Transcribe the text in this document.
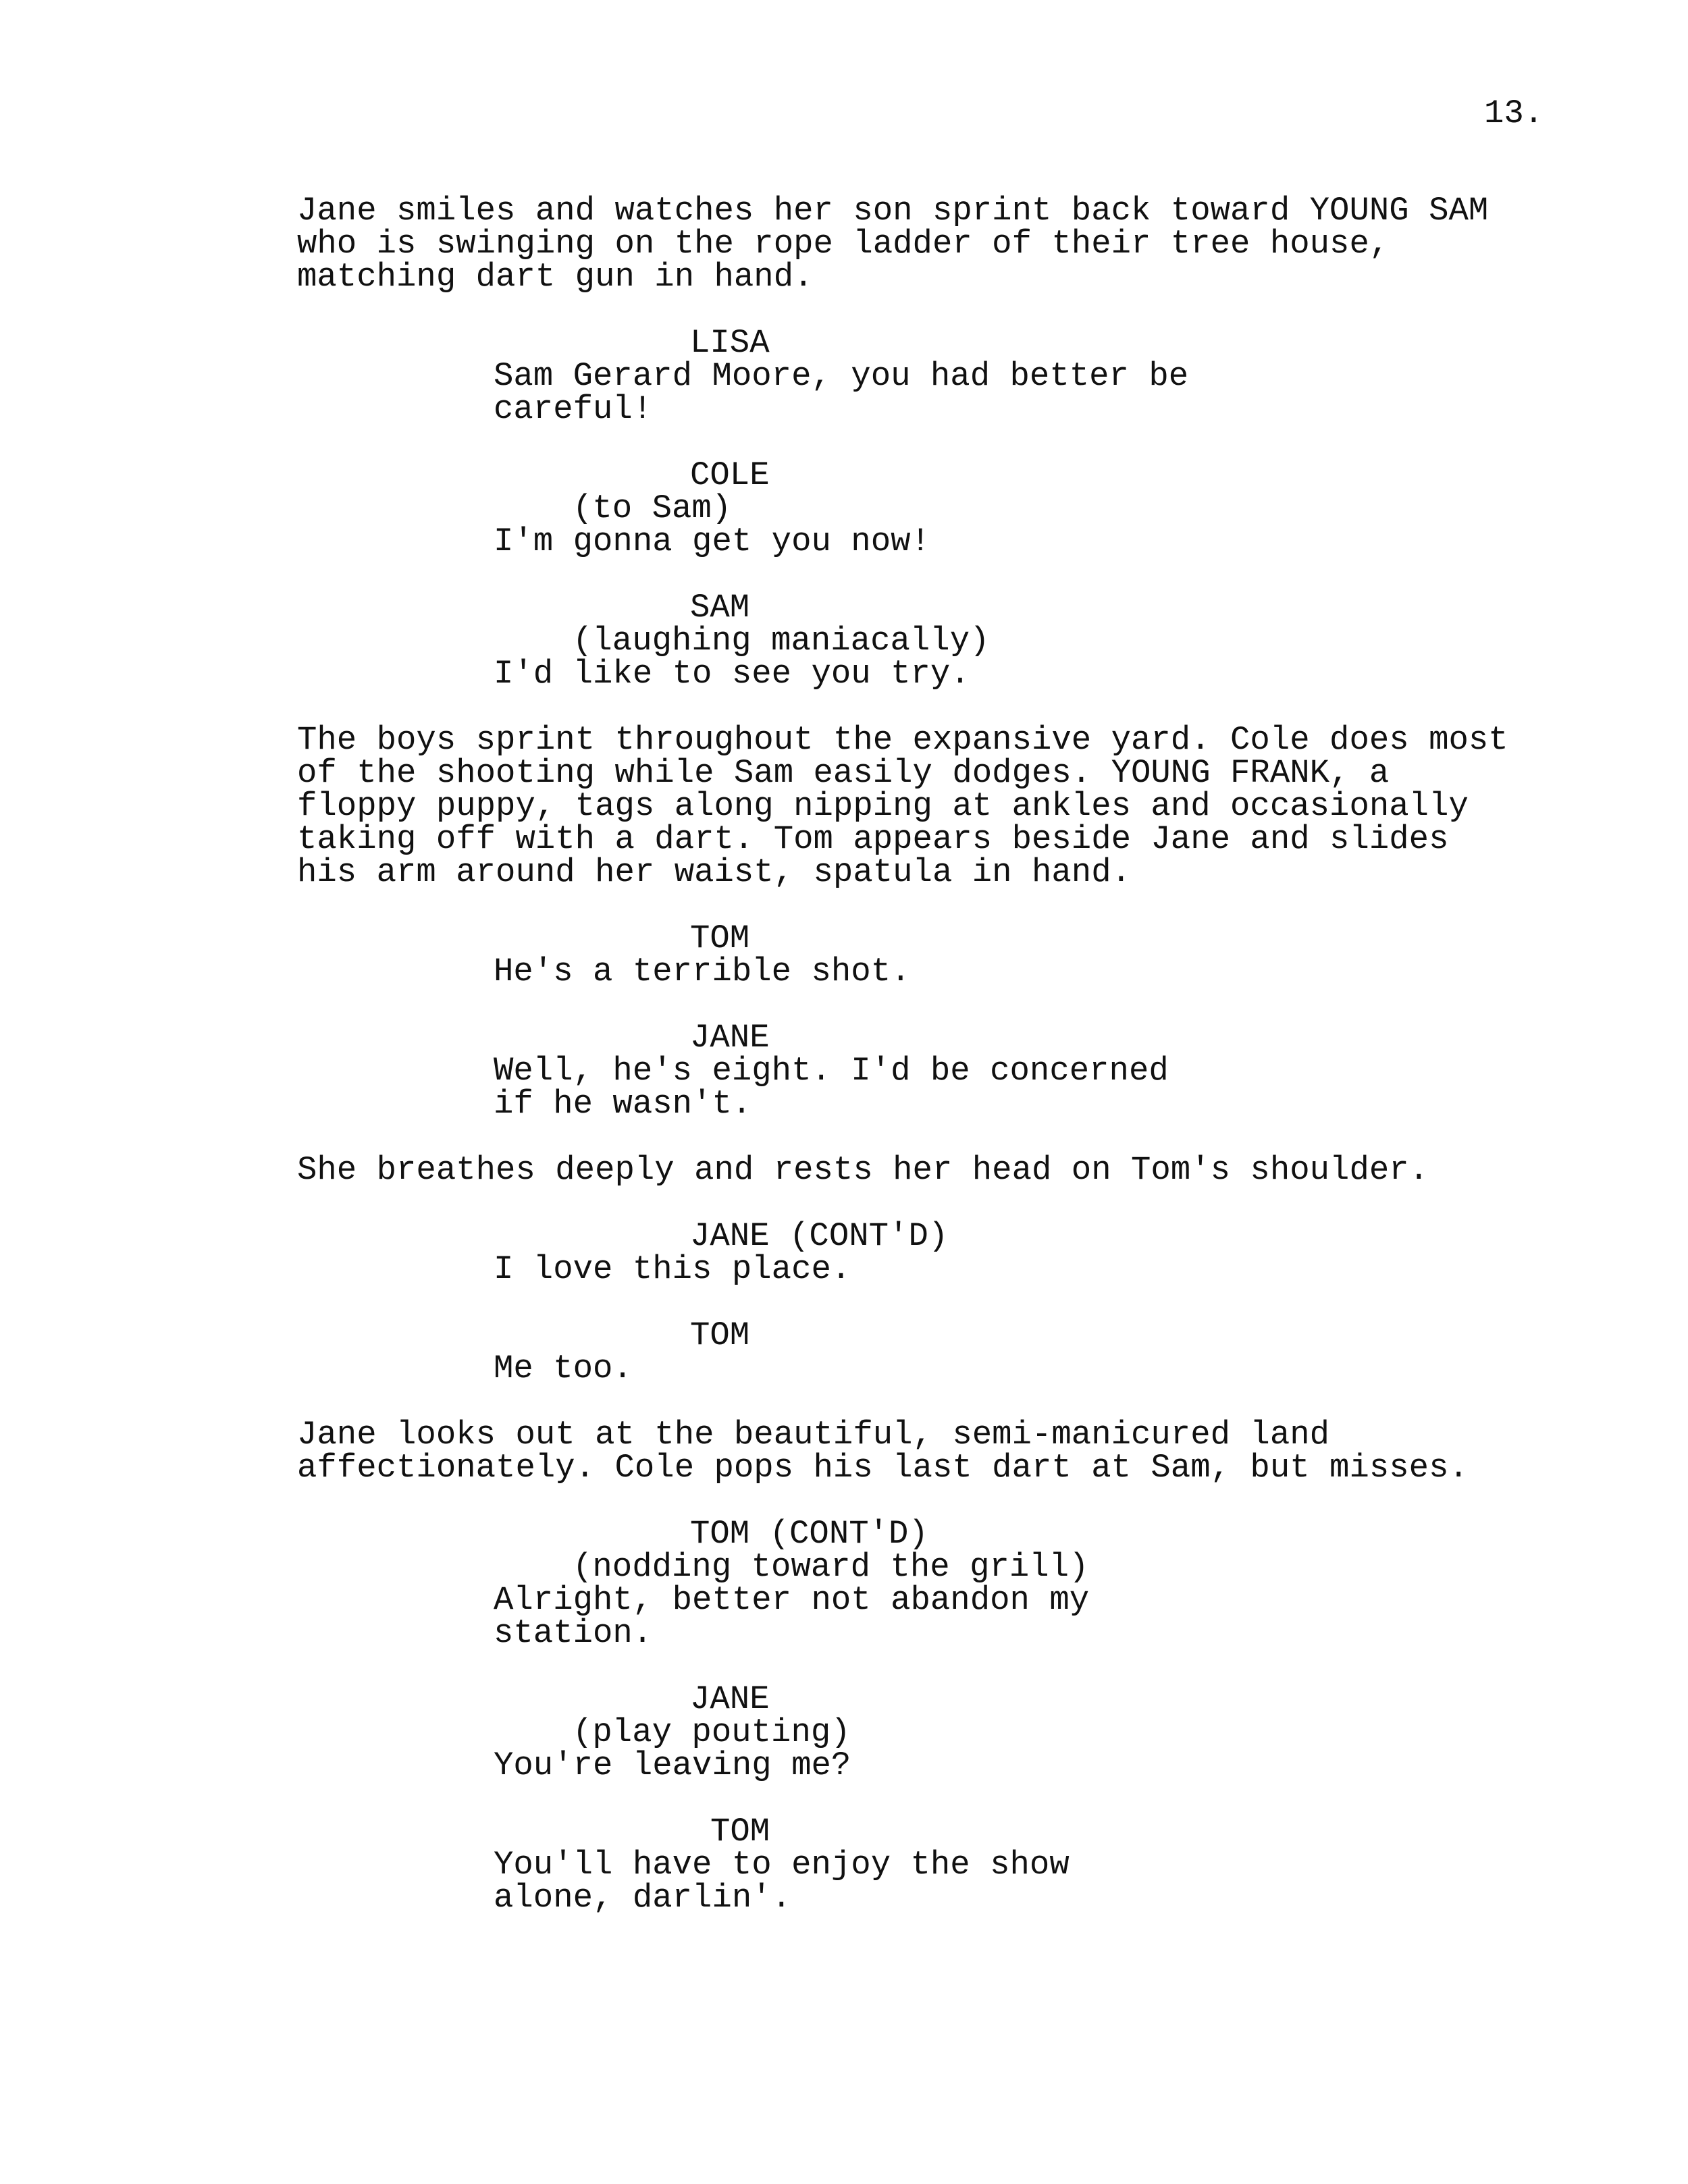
13.
Jane smiles and watches her son sprint back toward YOUNG SAM
who is swinging on the rope ladder of their tree house,
matching dart gun in hand.
LISA
Sam Gerard Moore, you had better be
careful!
COLE
(to Sam)
I'm gonna get you now!
SAM
(laughing maniacally)
I'd like to see you try.
The boys sprint throughout the expansive yard. Cole does most
of the shooting while Sam easily dodges. YOUNG FRANK, a
floppy puppy, tags along nipping at ankles and occasionally
taking off with a dart. Tom appears beside Jane and slides
his arm around her waist, spatula in hand.
TOM
He's a terrible shot.
JANE
Well, he's eight. I'd be concerned
if he wasn't.
She breathes deeply and rests her head on Tom's shoulder.
JANE (CONT'D)
I love this place.
TOM
Me too.
Jane looks out at the beautiful, semi-manicured land
affectionately. Cole pops his last dart at Sam, but misses.
TOM (CONT'D)
(nodding toward the grill)
Alright, better not abandon my
station.
JANE
(play pouting)
You're leaving me?
TOM
You'll have to enjoy the show
alone, darlin'.
